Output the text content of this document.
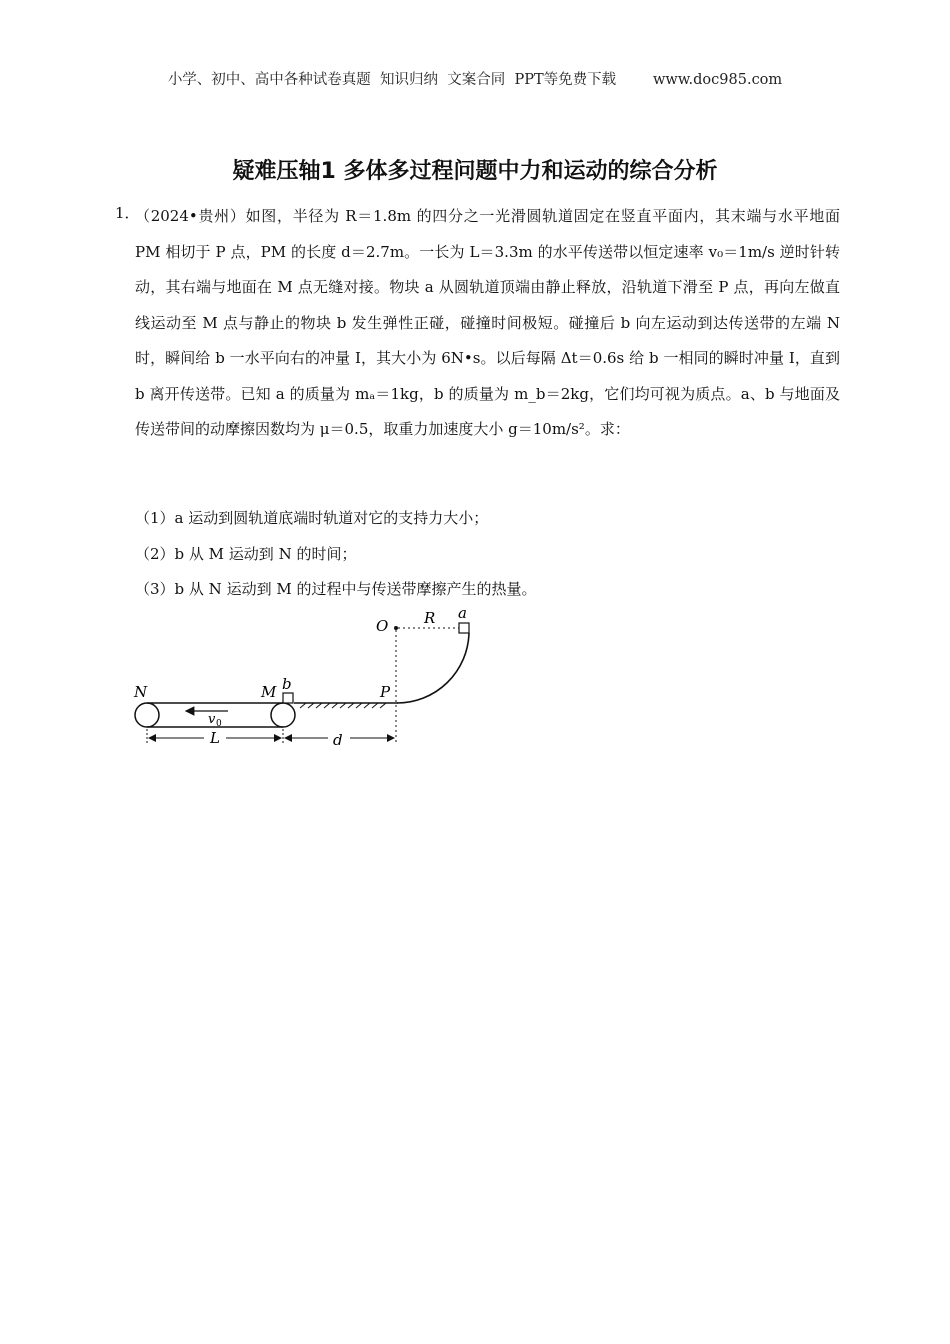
小学、初中、高中各种试卷真题  知识归纳  文案合同  PPT等免费下载        www.doc985.com
疑难压轴1 多体多过程问题中力和运动的综合分析
1．

（2024•贵州）如图，半径为 R＝1.8m 的四分之一光滑圆轨道固定在竖直平面内，其末端与水平地面 PM 相切于 P 点，PM 的长度 d＝2.7m。一长为 L＝3.3m 的水平传送带以恒定速率 v₀＝1m/s 逆时针转动，其右端与地面在 M 点无缝对接。物块 a 从圆轨道顶端由静止释放，沿轨道下滑至 P 点，再向左做直线运动至 M 点与静止的物块 b 发生弹性正碰，碰撞时间极短。碰撞后 b 向左运动到达传送带的左端 N 时，瞬间给 b 一水平向右的冲量 I，其大小为 6N•s。以后每隔 Δt＝0.6s 给 b 一相同的瞬时冲量 I，直到 b 离开传送带。已知 a 的质量为 mₐ＝1kg，b 的质量为 m_b＝2kg，它们均可视为质点。a、b 与地面及传送带间的动摩擦因数均为 μ＝0.5，取重力加速度大小 g＝10m/s²。求：

（1）a 运动到圆轨道底端时轨道对它的支持力大小；
（2）b 从 M 运动到 N 的时间；
（3）b 从 N 运动到 M 的过程中与传送带摩擦产生的热量。
O R a
N	M b	P
v 0
L	d
